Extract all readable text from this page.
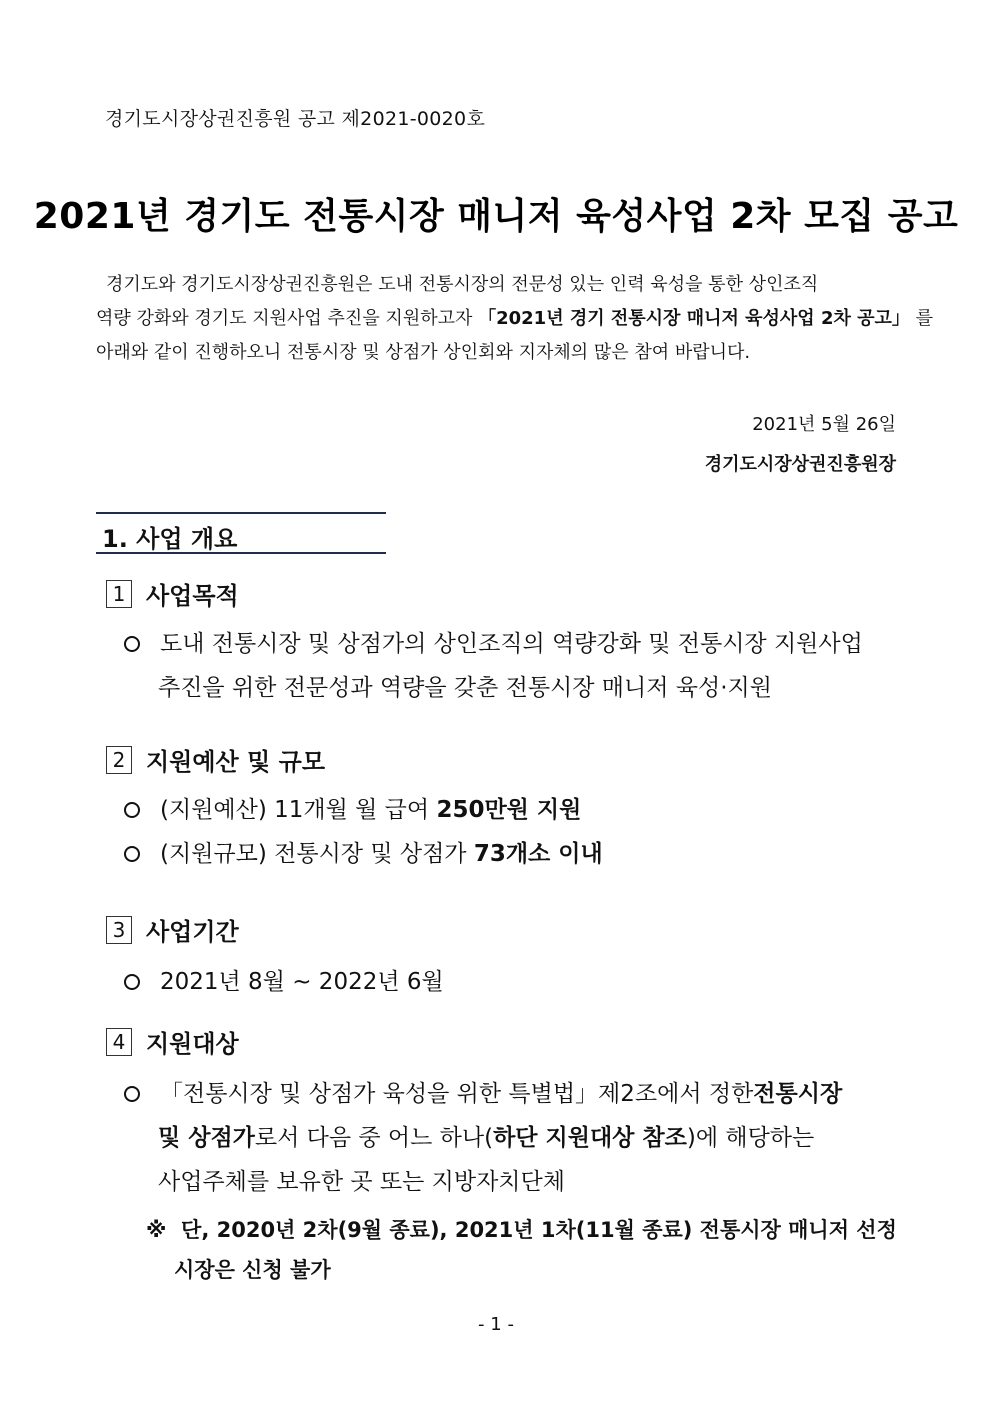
경기도시장상권진흥원 공고 제2021-0020호
2021년 경기도 전통시장 매니저 육성사업 2차 모집 공고
경기도와 경기도시장상권진흥원은 도내 전통시장의 전문성 있는 인력 육성을 통한 상인조직
역량 강화와 경기도 지원사업 추진을 지원하고자 「2021년 경기 전통시장 매니저 육성사업 2차 공고」 를
아래와 같이 진행하오니 전통시장 및 상점가 상인회와 지자체의 많은 참여 바랍니다.
2021년 5월 26일
경기도시장상권진흥원장
1. 사업 개요
1 사업목적
도내 전통시장 및 상점가의 상인조직의 역량강화 및 전통시장 지원사업
추진을 위한 전문성과 역량을 갖춘 전통시장 매니저 육성·지원
2 지원예산 및 규모
(지원예산)
11개월 월 급여
250만원 지원
(지원규모)
전통시장 및 상점가
73개소 이내
3 사업기간
2021년 8월 ~ 2022년 6월
4 지원대상
「전통시장 및 상점가 육성을 위한 특별법」제2조에서 정한 전통시장
및 상점가로서 다음 중 어느 하나(하단 지원대상 참조)에 해당하는
사업주체를 보유한 곳 또는 지방자치단체
※ 단, 2020년 2차(9월 종료), 2021년 1차(11월 종료) 전통시장 매니저 선정
시장은 신청 불가
- 1 -
